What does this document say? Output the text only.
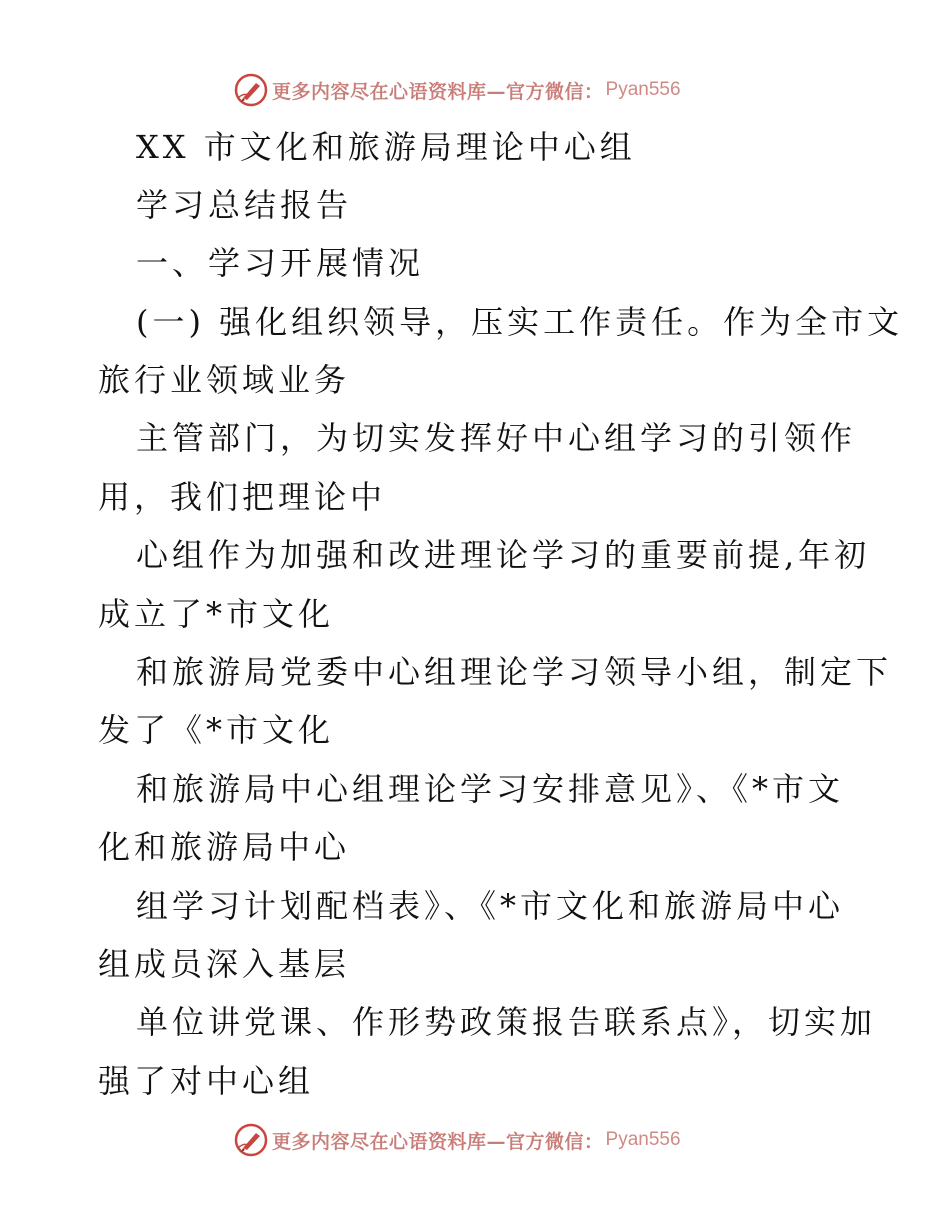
更多内容尽在心语资料库—官方微信： Pyan556
XX 市文化和旅游局理论中心组
学习总结报告
一、学习开展情况
(一) 强化组织领导，压实工作责任。作为全市文
旅行业领域业务
主管部门，为切实发挥好中心组学习的引领作
用，我们把理论中
心组作为加强和改进理论学习的重要前提,年初
成立了*市文化
和旅游局党委中心组理论学习领导小组，制定下
发了《*市文化
和旅游局中心组理论学习安排意见》、《*市文
化和旅游局中心
组学习计划配档表》、《*市文化和旅游局中心
组成员深入基层
单位讲党课、作形势政策报告联系点》，切实加
强了对中心组
更多内容尽在心语资料库—官方微信： Pyan556
